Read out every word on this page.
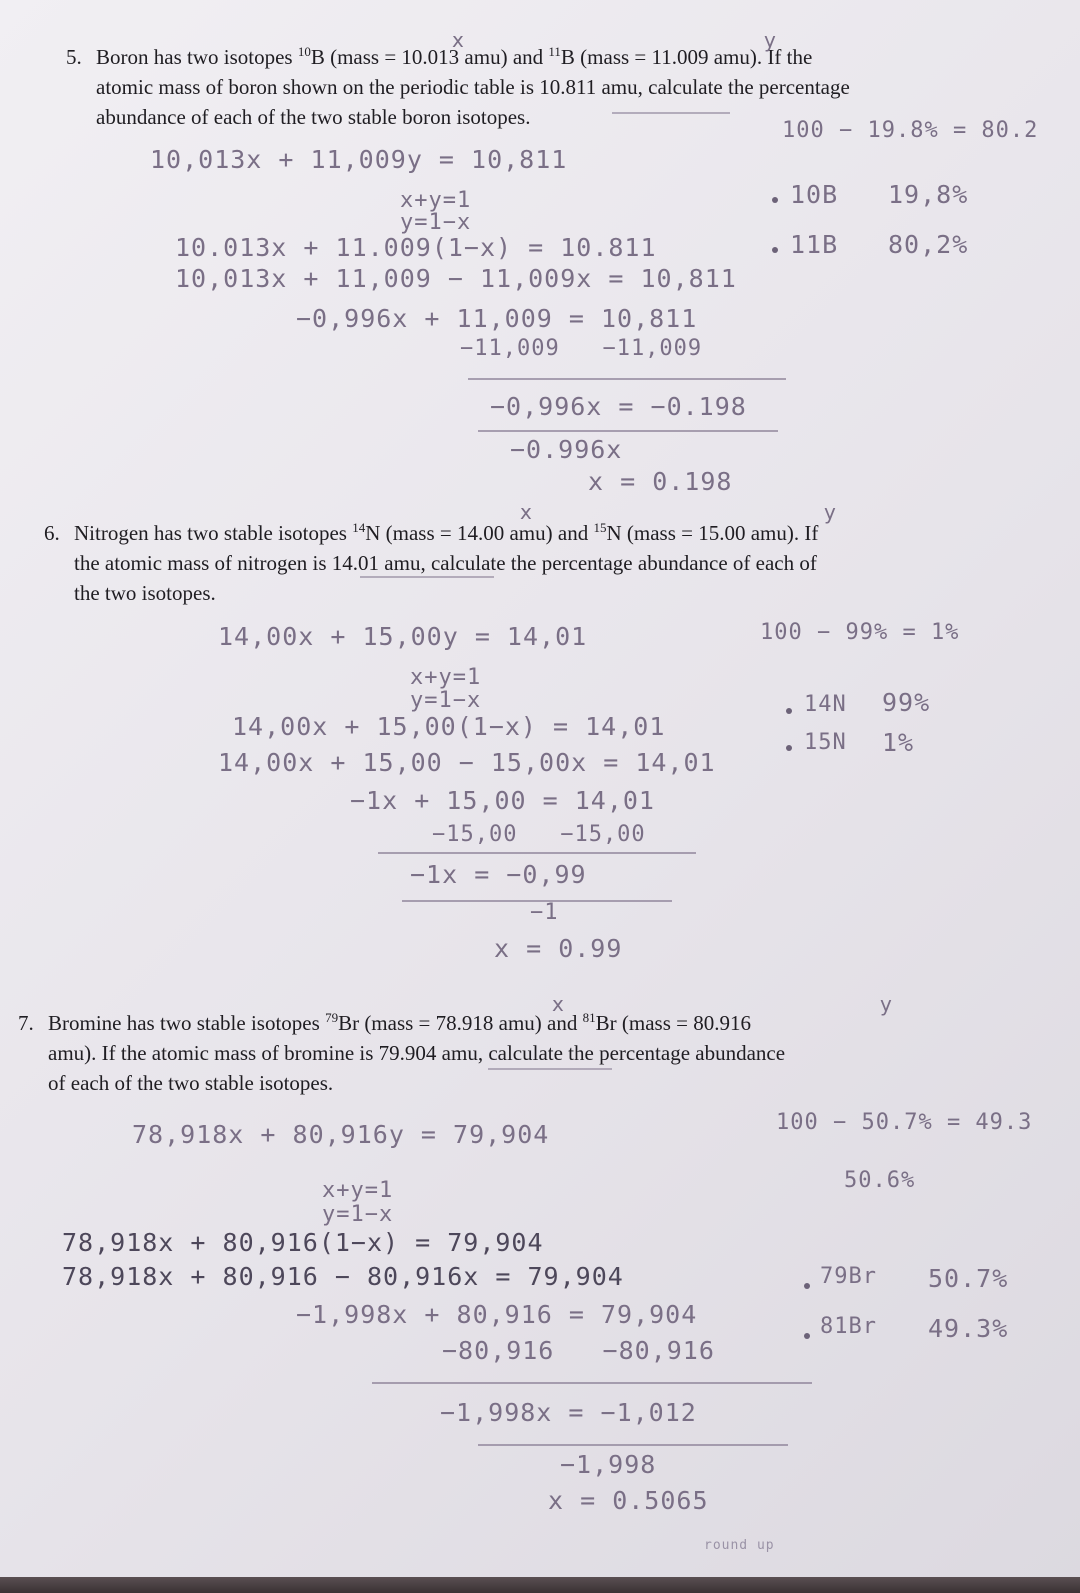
5. Boron has two isotopes $^{10}$B (mass = 10.013 amu) and $^{11}$B (mass = 11.009 amu). If the

atomic mass of boron shown on the periodic table is 10.811 amu, calculate the percentage

abundance of each of the two stable boron isotopes.

x	y
100 − 19.8% = 80.2
10,013x + 11,009y = 10,811
x+y=1
y=1−x
10.013x + 11.009(1−x) = 10.811
10,013x + 11,009 − 11,009x = 10,811
−0,996x + 11,009 = 10,811
−11,009   −11,009
−0,996x = −0.198
−0.996x
x = 0.198
10B 19,8%
11B 80,2%
6. Nitrogen has two stable isotopes $^{14}$N (mass = 14.00 amu) and $^{15}$N (mass = 15.00 amu). If

the atomic mass of nitrogen is 14.01 amu, calculate the percentage abundance of each of

the two isotopes.

x	y
100 − 99% = 1%
14,00x + 15,00y = 14,01
x+y=1
y=1−x
14,00x + 15,00(1−x) = 14,01
14,00x + 15,00 − 15,00x = 14,01
−1x + 15,00 = 14,01
−15,00   −15,00
−1x = −0,99
−1
x = 0.99
14N 99%
15N 1%
7. Bromine has two stable isotopes $^{79}$Br (mass = 78.918 amu) and $^{81}$Br (mass = 80.916

amu). If the atomic mass of bromine is 79.904 amu, calculate the percentage abundance

of each of the two stable isotopes.

x	y
100 − 50.7% = 49.3
50.6%
78,918x + 80,916y = 79,904
x+y=1
y=1−x
78,918x + 80,916(1−x) = 79,904
78,918x + 80,916 − 80,916x = 79,904
−1,998x + 80,916 = 79,904
−80,916   −80,916
−1,998x = −1,012
−1,998
x = 0.5065
round up
79Br 50.7%
81Br 49.3%
